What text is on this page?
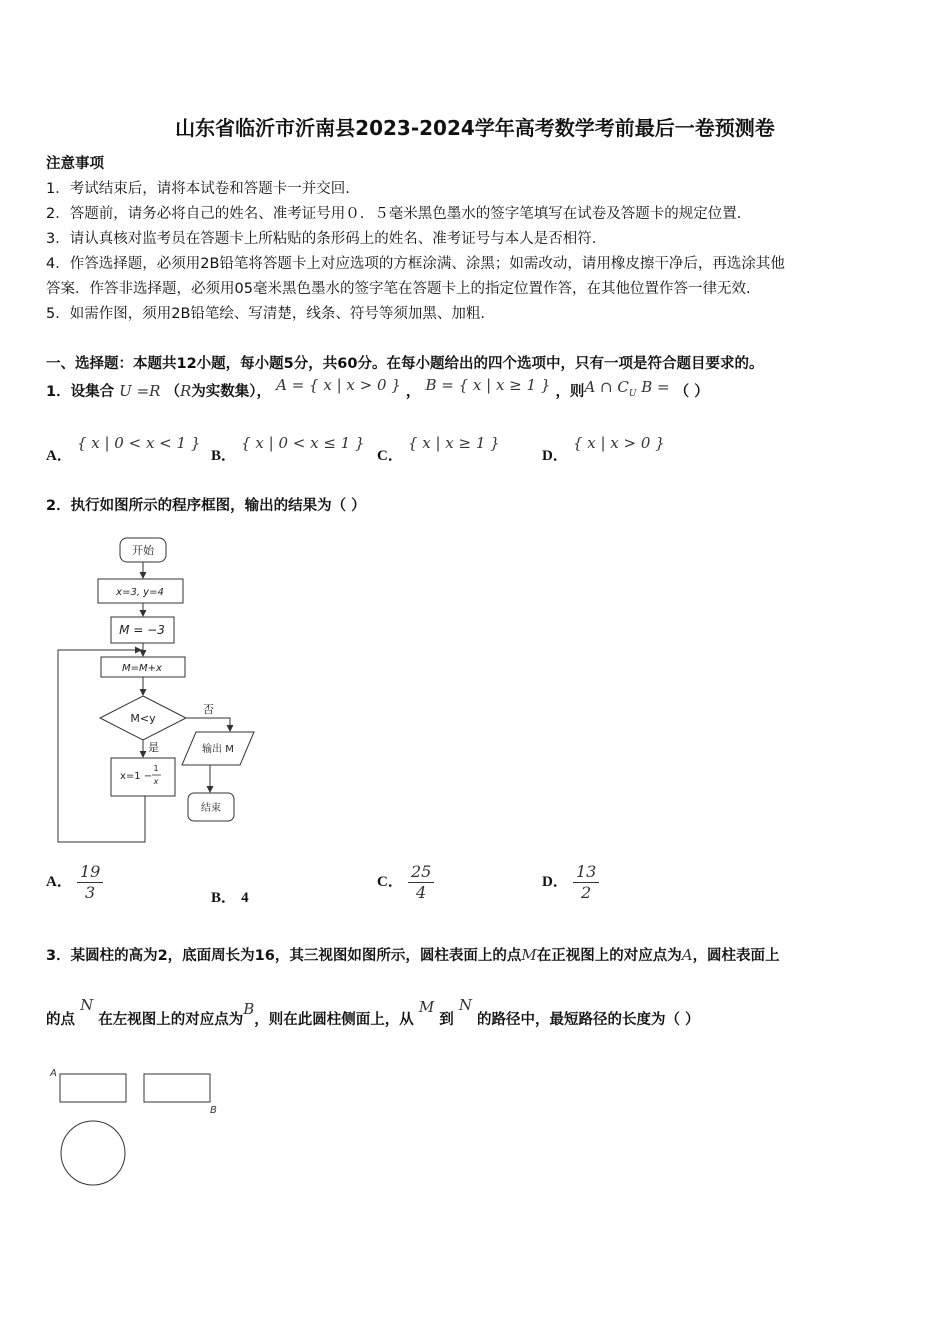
山东省临沂市沂南县2023-2024学年高考数学考前最后一卷预测卷
注意事项
1．考试结束后，请将本试卷和答题卡一并交回.
2．答题前，请务必将自己的姓名、准考证号用０．５毫米黑色墨水的签字笔填写在试卷及答题卡的规定位置.
3．请认真核对监考员在答题卡上所粘贴的条形码上的姓名、准考证号与本人是否相符.
4．作答选择题，必须用2B铅笔将答题卡上对应选项的方框涂满、涂黑；如需改动，请用橡皮擦干净后，再选涂其他
答案．作答非选择题，必须用05毫米黑色墨水的签字笔在答题卡上的指定位置作答，在其他位置作答一律无效.
5．如需作图，须用2B铅笔绘、写清楚，线条、符号等须加黑、加粗.
一、选择题：本题共12小题，每小题5分，共60分。在每小题给出的四个选项中，只有一项是符合题目要求的。
1．设集合 U =R （R为实数集）， A = { x | x > 0 } ， B = { x | x ≥ 1 } ，则A ∩ $C_U$ B = （ ）
A． { x | 0 < x < 1 }
B． { x | 0 < x ≤ 1 }
C． { x | x ≥ 1 }
D． { x | x > 0 }
2．执行如图所示的程序框图，输出的结果为（ ）
开始
x=3, y=4
M = −3
M=M+x
M<y
否
是	输出 M
x=1 −
1
x
结束
A． $\frac{19}{3}$	B． 4
C． $\frac{25}{4}$	D． $\frac{13}{2}$
3．某圆柱的高为2，底面周长为16，其三视图如图所示，圆柱表面上的点M在正视图上的对应点为A，圆柱表面上
的点 N 在左视图上的对应点为B，则在此圆柱侧面上，从 M 到 N 的路径中，最短路径的长度为（ ）
A
B
